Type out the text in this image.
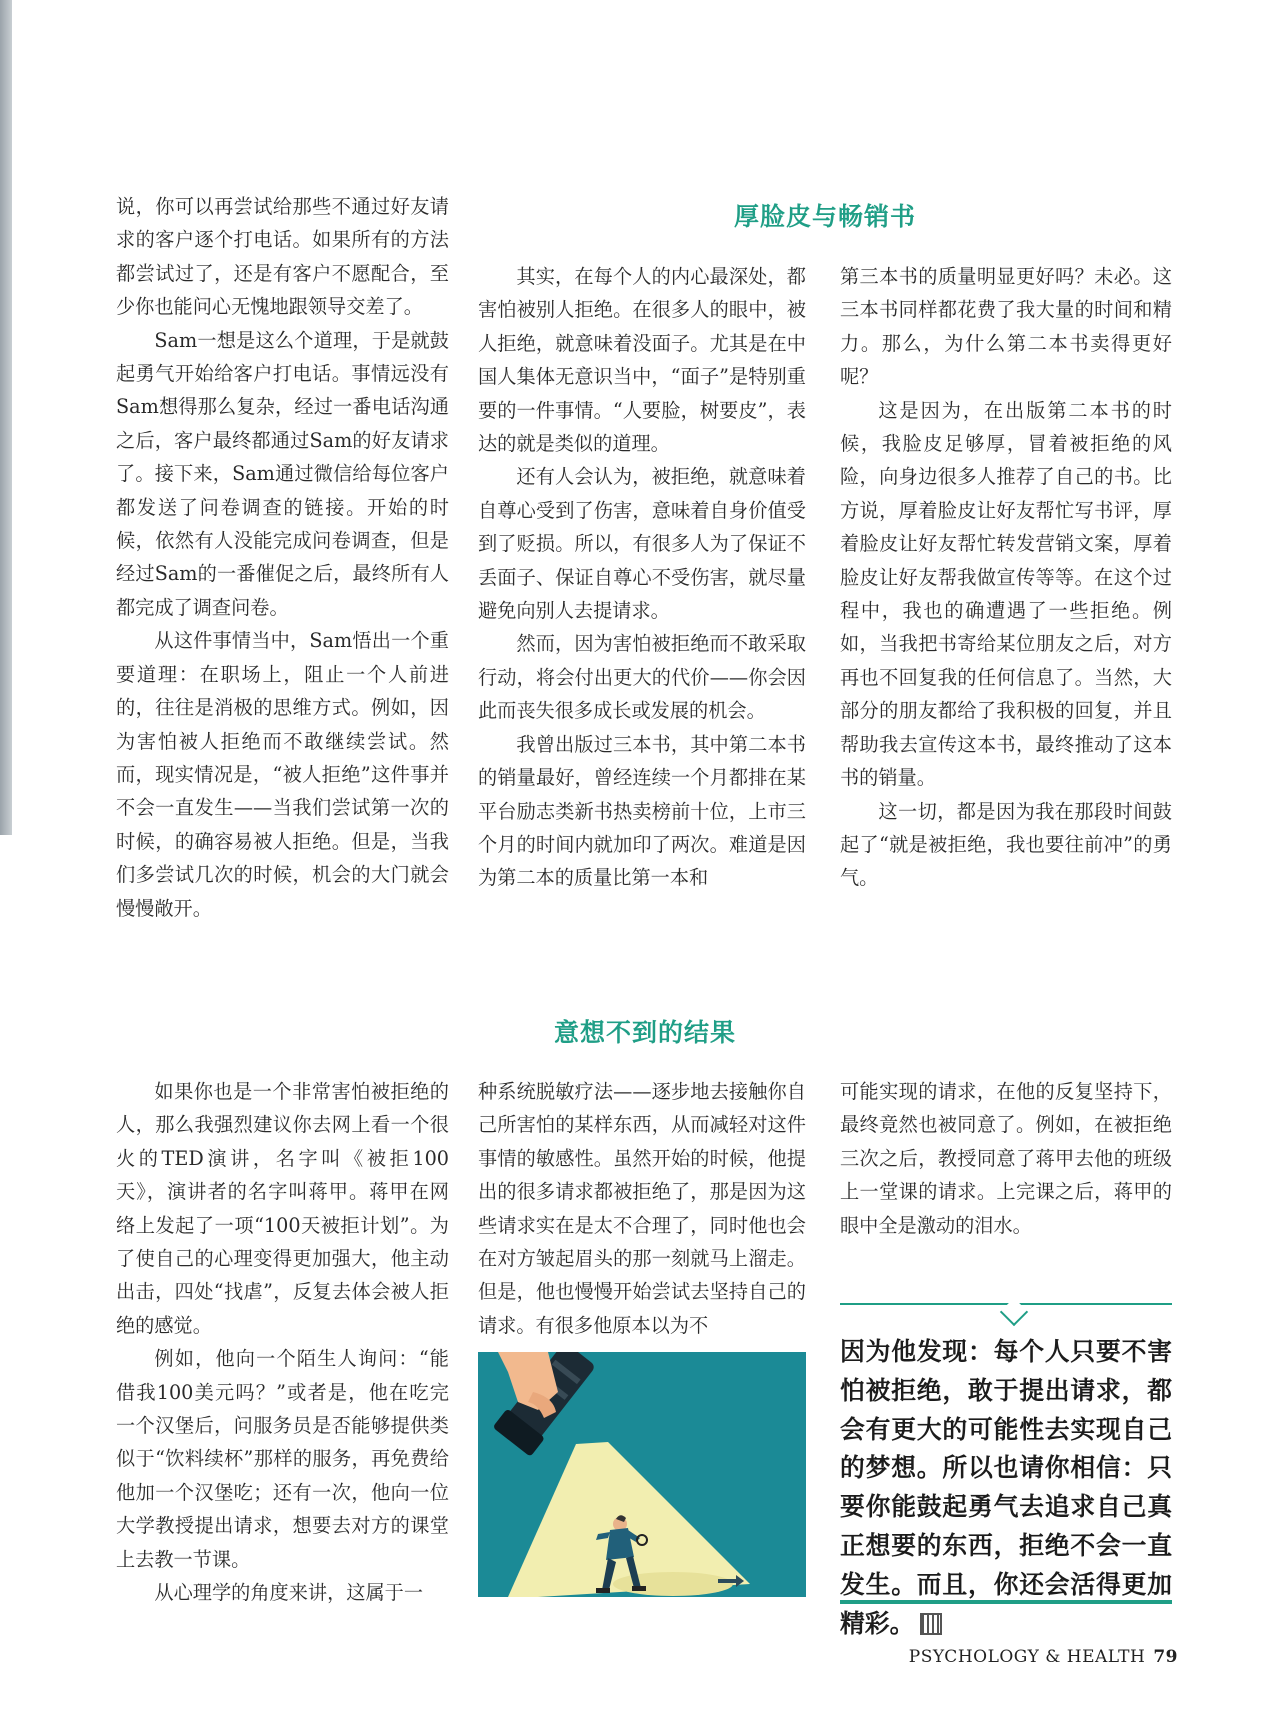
说，你可以再尝试给那些不通过好友请求的客户逐个打电话。如果所有的方法都尝试过了，还是有客户不愿配合，至少你也能问心无愧地跟领导交差了。

Sam一想是这么个道理，于是就鼓起勇气开始给客户打电话。事情远没有Sam想得那么复杂，经过一番电话沟通之后，客户最终都通过Sam的好友请求了。接下来，Sam通过微信给每位客户都发送了问卷调查的链接。开始的时候，依然有人没能完成问卷调查，但是经过Sam的一番催促之后，最终所有人都完成了调查问卷。

从这件事情当中，Sam悟出一个重要道理：在职场上，阻止一个人前进的，往往是消极的思维方式。例如，因为害怕被人拒绝而不敢继续尝试。然而，现实情况是，“被人拒绝”这件事并不会一直发生——当我们尝试第一次的时候，的确容易被人拒绝。但是，当我们多尝试几次的时候，机会的大门就会慢慢敞开。

厚脸皮与畅销书

其实，在每个人的内心最深处，都害怕被别人拒绝。在很多人的眼中，被人拒绝，就意味着没面子。尤其是在中国人集体无意识当中，“面子”是特别重要的一件事情。“人要脸，树要皮”，表达的就是类似的道理。

还有人会认为，被拒绝，就意味着自尊心受到了伤害，意味着自身价值受到了贬损。所以，有很多人为了保证不丢面子、保证自尊心不受伤害，就尽量避免向别人去提请求。

然而，因为害怕被拒绝而不敢采取行动，将会付出更大的代价——你会因此而丧失很多成长或发展的机会。

我曾出版过三本书，其中第二本书的销量最好，曾经连续一个月都排在某平台励志类新书热卖榜前十位，上市三个月的时间内就加印了两次。难道是因为第二本的质量比第一本和

第三本书的质量明显更好吗？未必。这三本书同样都花费了我大量的时间和精力。那么，为什么第二本书卖得更好呢？

这是因为，在出版第二本书的时候，我脸皮足够厚，冒着被拒绝的风险，向身边很多人推荐了自己的书。比方说，厚着脸皮让好友帮忙写书评，厚着脸皮让好友帮忙转发营销文案，厚着脸皮让好友帮我做宣传等等。在这个过程中，我也的确遭遇了一些拒绝。例如，当我把书寄给某位朋友之后，对方再也不回复我的任何信息了。当然，大部分的朋友都给了我积极的回复，并且帮助我去宣传这本书，最终推动了这本书的销量。

这一切，都是因为我在那段时间鼓起了“就是被拒绝，我也要往前冲”的勇气。

意想不到的结果

如果你也是一个非常害怕被拒绝的人，那么我强烈建议你去网上看一个很火的TED演讲，名字叫《被拒100天》，演讲者的名字叫蒋甲。蒋甲在网络上发起了一项“100天被拒计划”。为了使自己的心理变得更加强大，他主动出击，四处“找虐”，反复去体会被人拒绝的感觉。

例如，他向一个陌生人询问：“能借我100美元吗？”或者是，他在吃完一个汉堡后，问服务员是否能够提供类似于“饮料续杯”那样的服务，再免费给他加一个汉堡吃；还有一次，他向一位大学教授提出请求，想要去对方的课堂上去教一节课。

从心理学的角度来讲，这属于一

种系统脱敏疗法——逐步地去接触你自己所害怕的某样东西，从而减轻对这件事情的敏感性。虽然开始的时候，他提出的很多请求都被拒绝了，那是因为这些请求实在是太不合理了，同时他也会在对方皱起眉头的那一刻就马上溜走。但是，他也慢慢开始尝试去坚持自己的请求。有很多他原本以为不

可能实现的请求，在他的反复坚持下，最终竟然也被同意了。例如，在被拒绝三次之后，教授同意了蒋甲去他的班级上一堂课的请求。上完课之后，蒋甲的眼中全是激动的泪水。

因为他发现：每个人只要不害怕被拒绝，敢于提出请求，都会有更大的可能性去实现自己的梦想。所以也请你相信：只要你能鼓起勇气去追求自己真正想要的东西，拒绝不会一直发生。而且，你还会活得更加精彩。
PSYCHOLOGY & HEALTH 79
